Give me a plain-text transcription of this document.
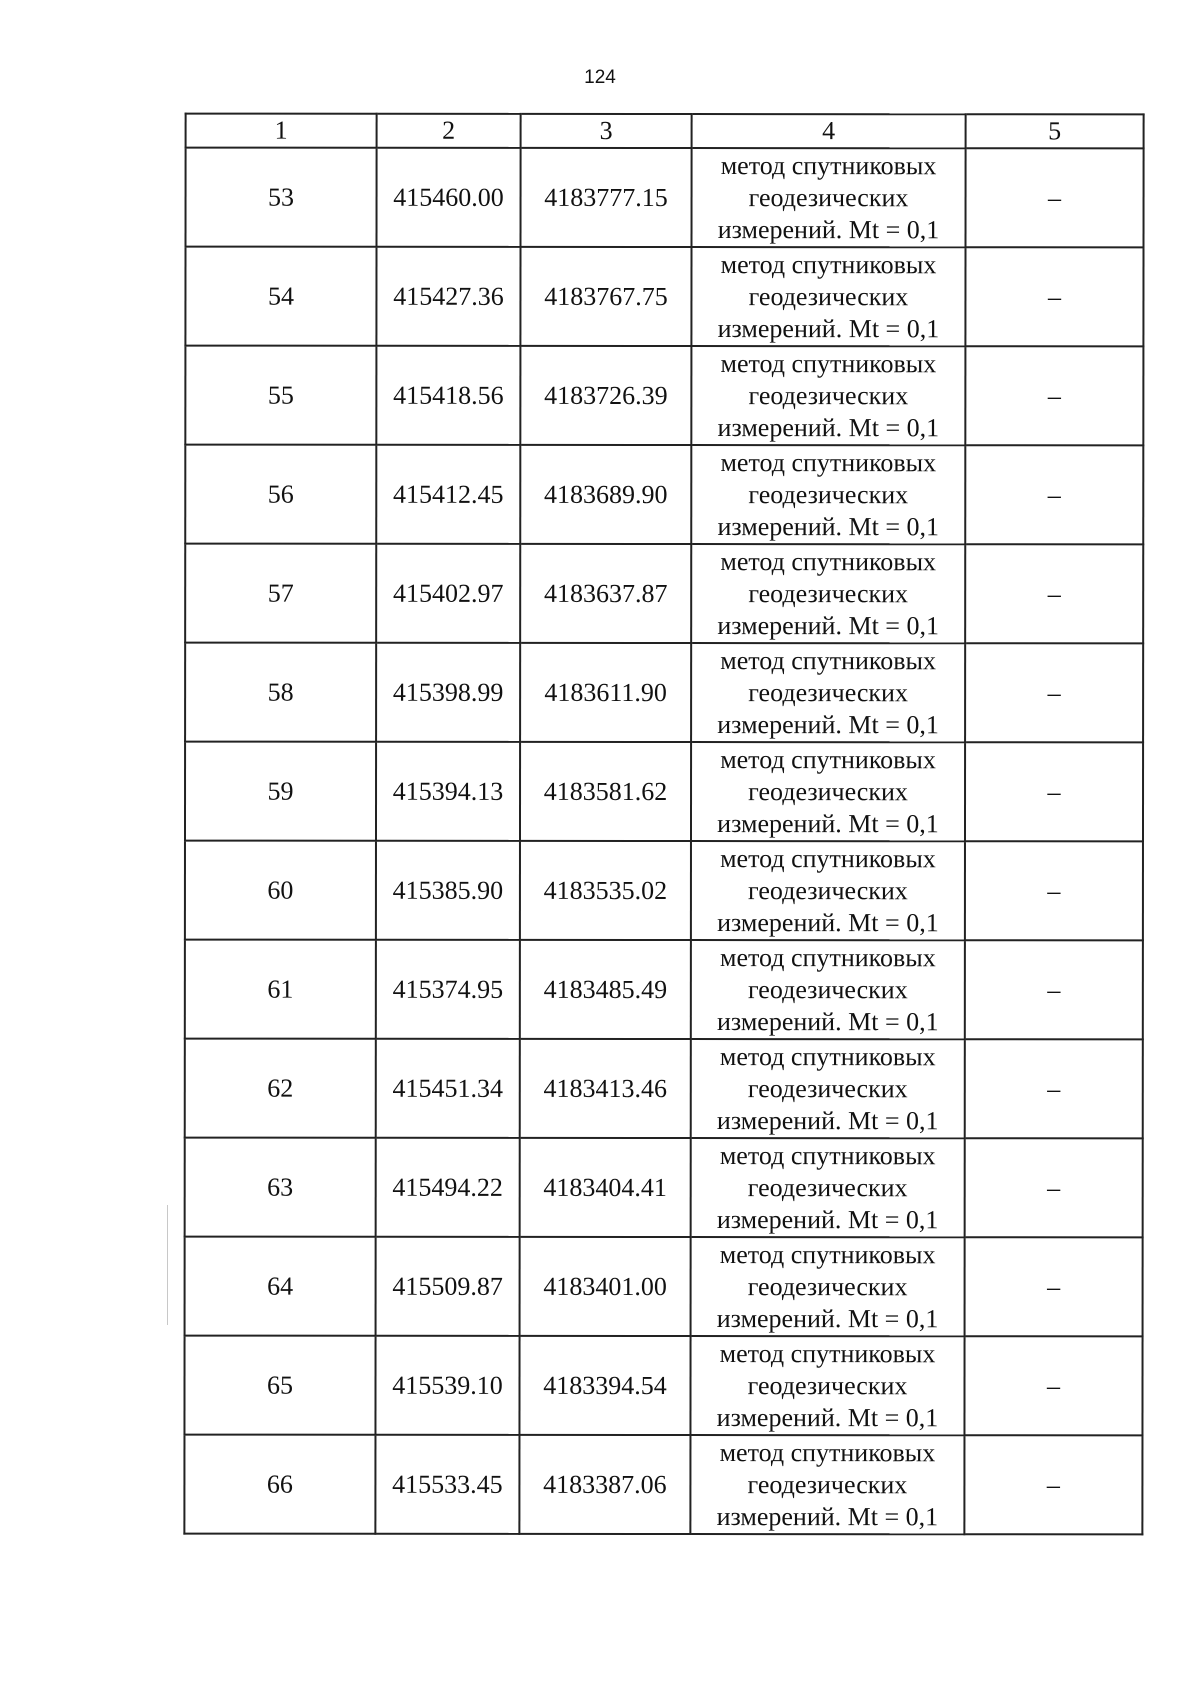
124
1	2	3	4	5
53	415460.00	4183777.15	метод спутниковых геодезических измерений. Mt = 0,1	–
54	415427.36	4183767.75	метод спутниковых геодезических измерений. Mt = 0,1	–
55	415418.56	4183726.39	метод спутниковых геодезических измерений. Mt = 0,1	–
56	415412.45	4183689.90	метод спутниковых геодезических измерений. Mt = 0,1	–
57	415402.97	4183637.87	метод спутниковых геодезических измерений. Mt = 0,1	–
58	415398.99	4183611.90	метод спутниковых геодезических измерений. Mt = 0,1	–
59	415394.13	4183581.62	метод спутниковых геодезических измерений. Mt = 0,1	–
60	415385.90	4183535.02	метод спутниковых геодезических измерений. Mt = 0,1	–
61	415374.95	4183485.49	метод спутниковых геодезических измерений. Mt = 0,1	–
62	415451.34	4183413.46	метод спутниковых геодезических измерений. Mt = 0,1	–
63	415494.22	4183404.41	метод спутниковых геодезических измерений. Mt = 0,1	–
64	415509.87	4183401.00	метод спутниковых геодезических измерений. Mt = 0,1	–
65	415539.10	4183394.54	метод спутниковых геодезических измерений. Mt = 0,1	–
66	415533.45	4183387.06	метод спутниковых геодезических измерений. Mt = 0,1	–
